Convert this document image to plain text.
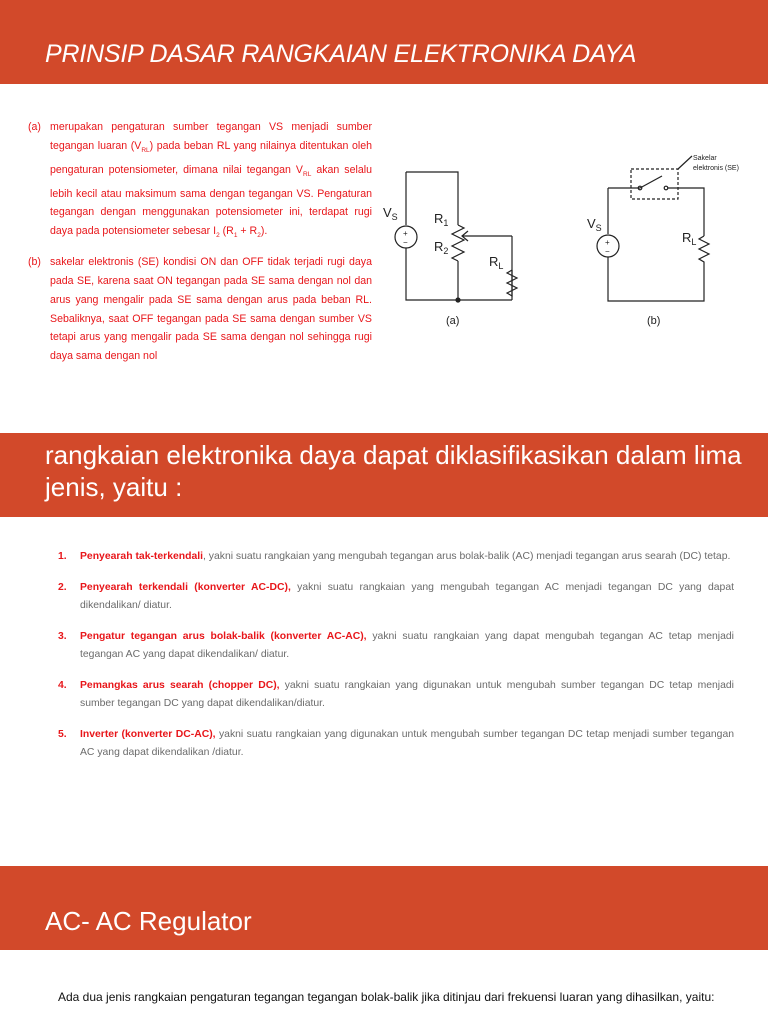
PRINSIP DASAR RANGKAIAN ELEKTRONIKA DAYA
(a) merupakan pengaturan sumber tegangan VS menjadi sumber tegangan luaran $(V_{RL})$ pada beban RL yang nilainya ditentukan oleh pengaturan potensiometer, dimana nilai tegangan $V_{RL}$ akan selalu lebih kecil atau maksimum sama dengan tegangan VS. Pengaturan tegangan dengan menggunakan potensiometer ini, terdapat rugi daya pada potensiometer sebesar $I_2$ $(R_1 + R_2)$.
(b) sakelar elektronis (SE) kondisi ON dan OFF tidak terjadi rugi daya pada SE, karena saat ON tegangan pada SE sama dengan nol dan arus yang mengalir pada SE sama dengan arus pada beban RL. Sebaliknya, saat OFF tegangan pada SE sama dengan sumber VS tetapi arus yang mengalir pada SE sama dengan nol sehingga rugi daya sama dengan nol
+
−
$V_S$	$R_1$
$R_2$
$R_L$
(a)
+
−
Sakelar
elektronis (SE)
$V_S$
$R_L$
(b)
rangkaian elektronika daya dapat diklasifikasikan dalam lima jenis, yaitu :
1. Penyearah tak-terkendali, yakni suatu rangkaian yang mengubah tegangan arus bolak-balik (AC) menjadi tegangan arus searah (DC) tetap.
2. Penyearah terkendali (konverter AC-DC), yakni suatu rangkaian yang mengubah tegangan AC menjadi tegangan DC yang dapat dikendalikan/ diatur.
3. Pengatur tegangan arus bolak-balik (konverter AC-AC), yakni suatu rangkaian yang dapat mengubah tegangan AC tetap menjadi tegangan AC yang dapat dikendalikan/ diatur.
4. Pemangkas arus searah (chopper DC), yakni suatu rangkaian yang digunakan untuk mengubah sumber tegangan DC tetap menjadi sumber tegangan DC yang dapat dikendalikan/diatur.
5. Inverter (konverter DC-AC), yakni suatu rangkaian yang digunakan untuk mengubah sumber tegangan DC tetap menjadi sumber tegangan AC yang dapat dikendalikan /diatur.
AC- AC Regulator
Ada dua jenis rangkaian pengaturan tegangan tegangan bolak-balik jika ditinjau dari frekuensi luaran yang dihasilkan, yaitu:
